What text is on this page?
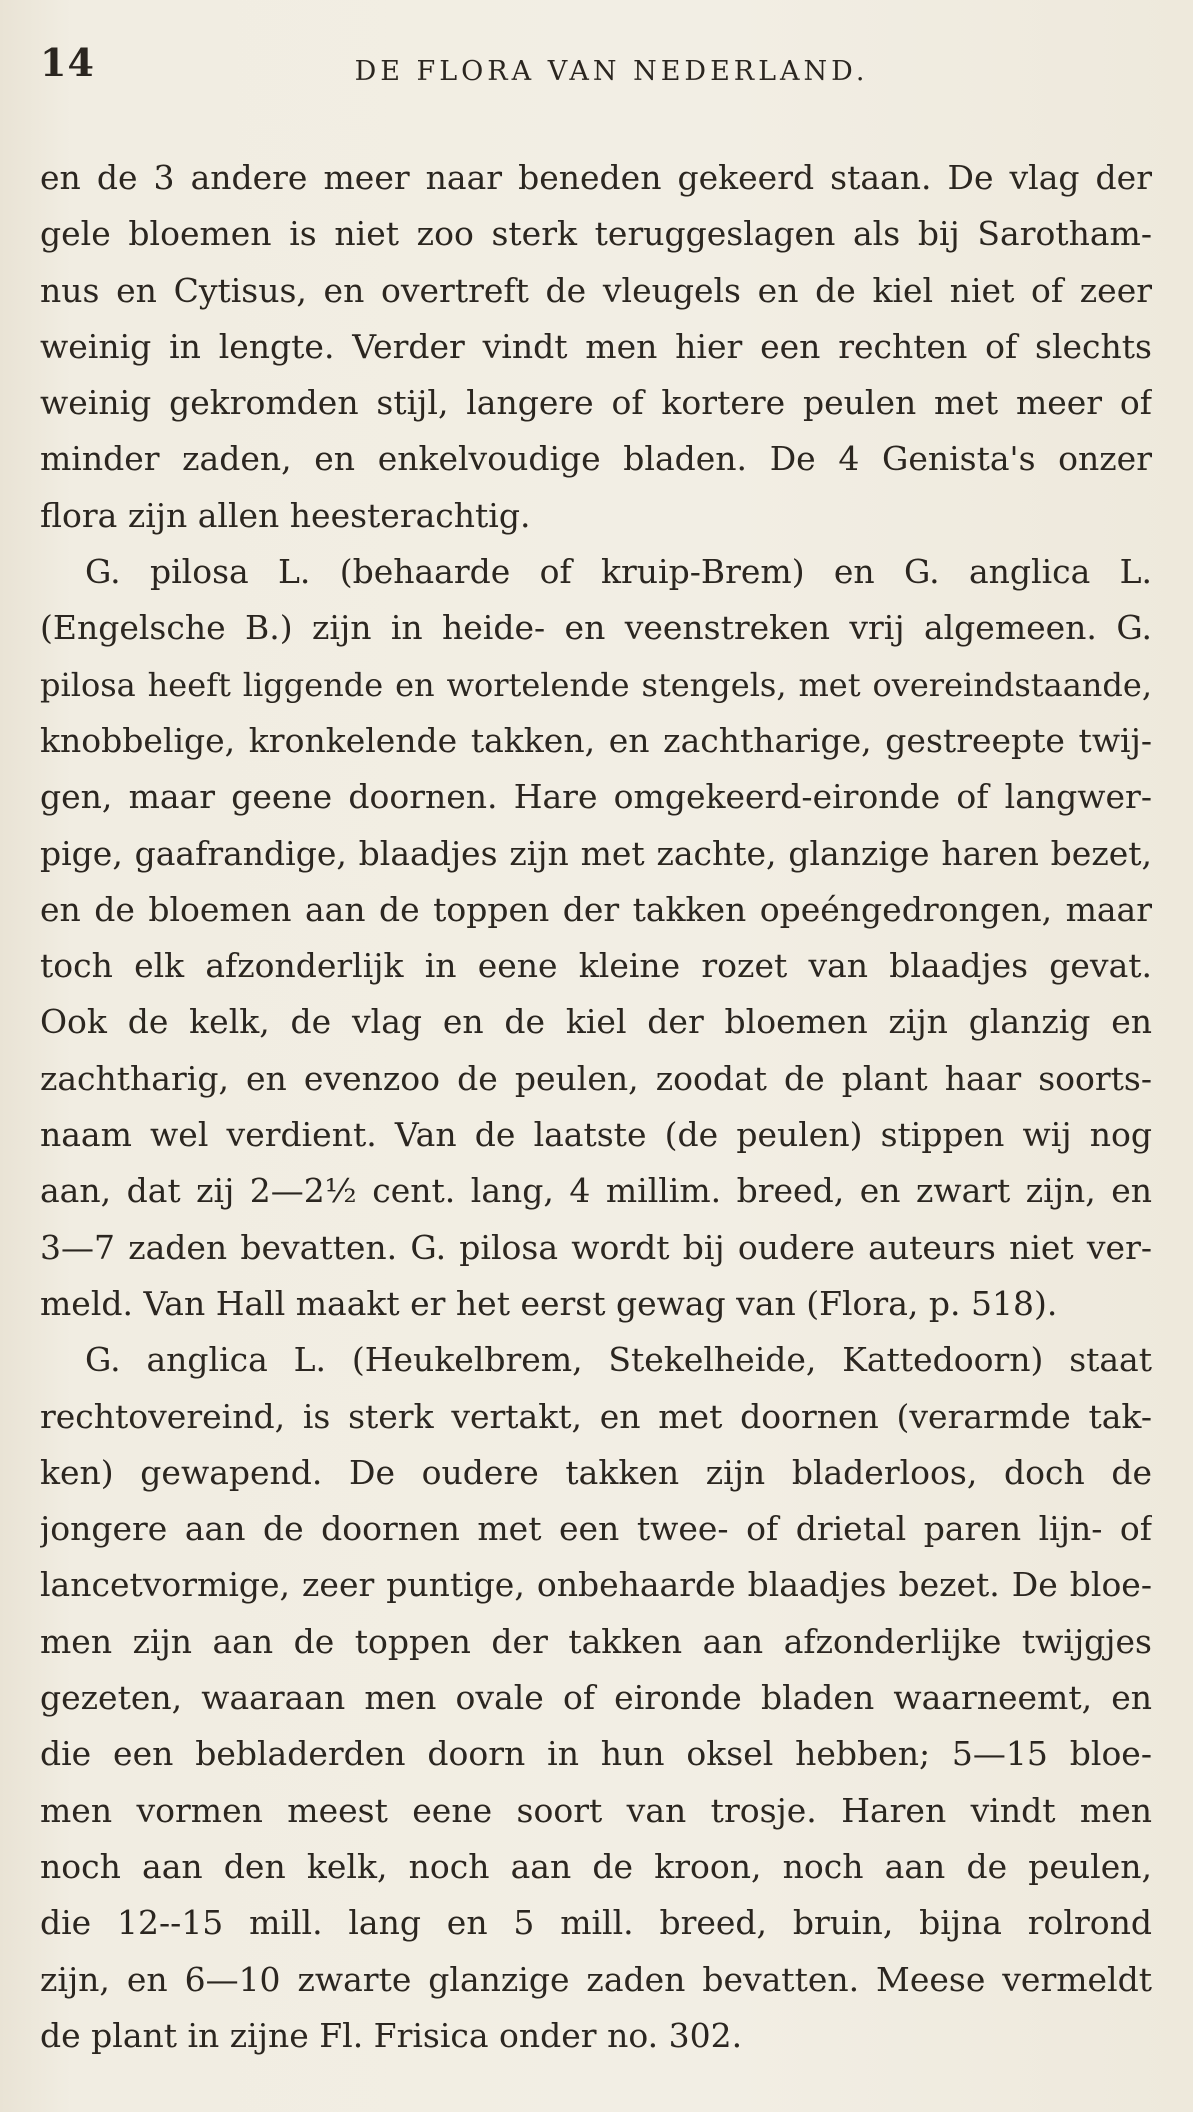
14	DE FLORA VAN NEDERLAND.
en de 3 andere meer naar beneden gekeerd staan. De vlag der
gele bloemen is niet zoo sterk teruggeslagen als bij Sarotham-
nus en Cytisus, en overtreft de vleugels en de kiel niet of zeer
weinig in lengte. Verder vindt men hier een rechten of slechts
weinig gekromden stijl, langere of kortere peulen met meer of
minder zaden, en enkelvoudige bladen. De 4 Genista's onzer
flora zijn allen heesterachtig.
G. pilosa L. (behaarde of kruip-Brem) en G. anglica L.
(Engelsche B.) zijn in heide- en veenstreken vrij algemeen. G.
pilosa heeft liggende en wortelende stengels, met overeindstaande,
knobbelige, kronkelende takken, en zachtharige, gestreepte twij-
gen, maar geene doornen. Hare omgekeerd-eironde of langwer-
pige, gaafrandige, blaadjes zijn met zachte, glanzige haren bezet,
en de bloemen aan de toppen der takken opeéngedrongen, maar
toch elk afzonderlijk in eene kleine rozet van blaadjes gevat.
Ook de kelk, de vlag en de kiel der bloemen zijn glanzig en
zachtharig, en evenzoo de peulen, zoodat de plant haar soorts-
naam wel verdient. Van de laatste (de peulen) stippen wij nog
aan, dat zij 2—2½ cent. lang, 4 millim. breed, en zwart zijn, en
3—7 zaden bevatten. G. pilosa wordt bij oudere auteurs niet ver-
meld. Van Hall maakt er het eerst gewag van (Flora, p. 518).
G. anglica L. (Heukelbrem, Stekelheide, Kattedoorn) staat
rechtovereind, is sterk vertakt, en met doornen (verarmde tak-
ken) gewapend. De oudere takken zijn bladerloos, doch de
jongere aan de doornen met een twee- of drietal paren lijn- of
lancetvormige, zeer puntige, onbehaarde blaadjes bezet. De bloe-
men zijn aan de toppen der takken aan afzonderlijke twijgjes
gezeten, waaraan men ovale of eironde bladen waarneemt, en
die een bebladerden doorn in hun oksel hebben; 5—15 bloe-
men vormen meest eene soort van trosje. Haren vindt men
noch aan den kelk, noch aan de kroon, noch aan de peulen,
die 12--15 mill. lang en 5 mill. breed, bruin, bijna rolrond
zijn, en 6—10 zwarte glanzige zaden bevatten. Meese vermeldt
de plant in zijne Fl. Frisica onder no. 302.
